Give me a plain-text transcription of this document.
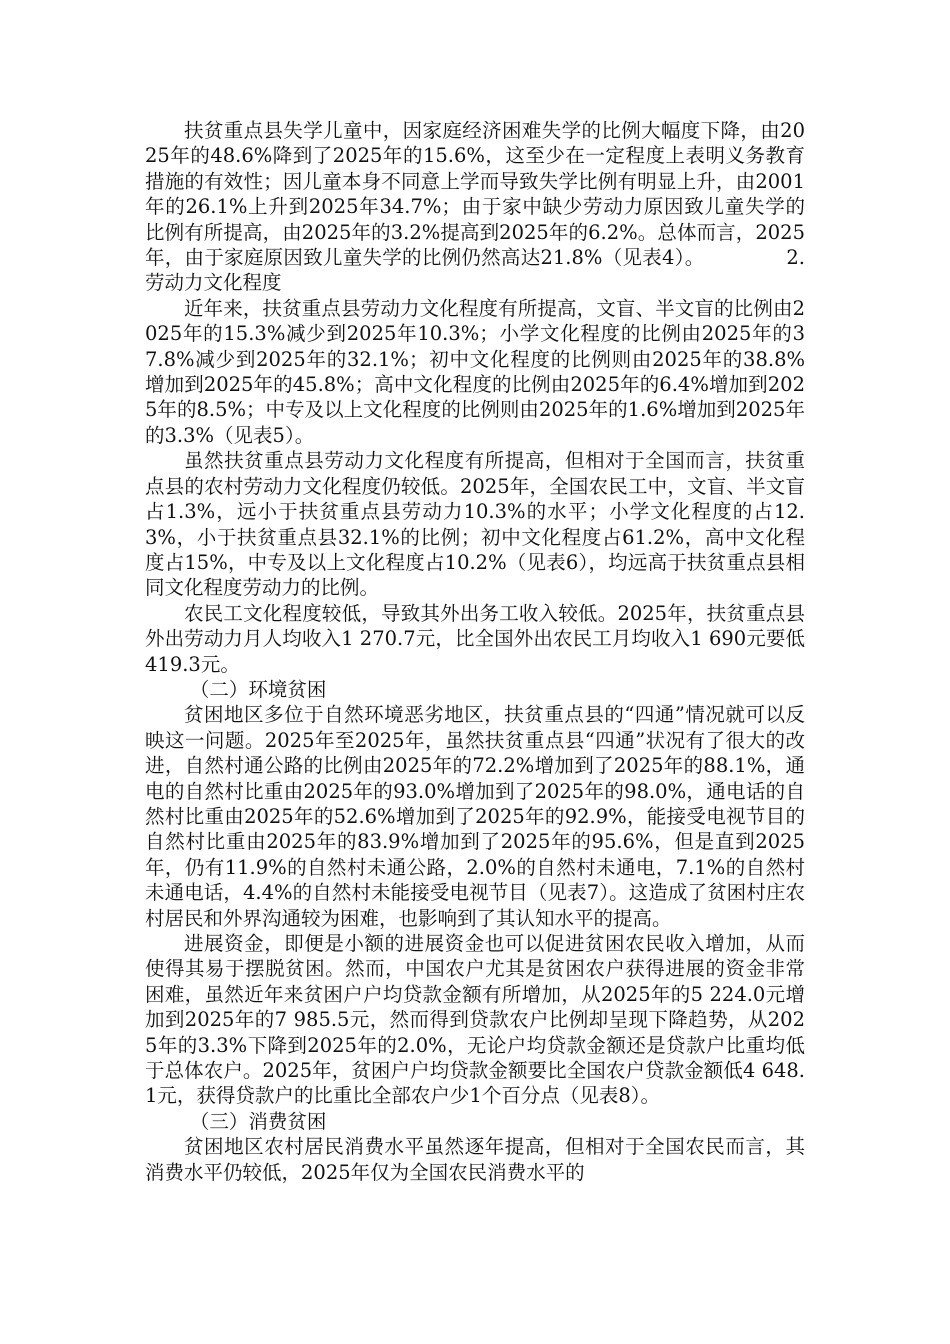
扶贫重点县失学儿童中，因家庭经济困难失学的比例大幅度下降，由2025年的48.6%降到了2025年的15.6%，这至少在一定程度上表明义务教育措施的有效性；因儿童本身不同意上学而导致失学比例有明显上升，由2001年的26.1%上升到2025年34.7%；由于家中缺少劳动力原因致儿童失学的比例有所提高，由2025年的3.2%提高到2025年的6.2%。总体而言，2025年，由于家庭原因致儿童失学的比例仍然高达21.8%（见表4）。	2.劳动力文化程度

近年来，扶贫重点县劳动力文化程度有所提高，文盲、半文盲的比例由2025年的15.3%减少到2025年10.3%；小学文化程度的比例由2025年的37.8%减少到2025年的32.1%；初中文化程度的比例则由2025年的38.8%增加到2025年的45.8%；高中文化程度的比例由2025年的6.4%增加到2025年的8.5%；中专及以上文化程度的比例则由2025年的1.6%增加到2025年的3.3%（见表5）。

虽然扶贫重点县劳动力文化程度有所提高，但相对于全国而言，扶贫重点县的农村劳动力文化程度仍较低。2025年，全国农民工中，文盲、半文盲占1.3%，远小于扶贫重点县劳动力10.3%的水平；小学文化程度的占12.3%，小于扶贫重点县32.1%的比例；初中文化程度占61.2%，高中文化程度占15%，中专及以上文化程度占10.2%（见表6），均远高于扶贫重点县相同文化程度劳动力的比例。

农民工文化程度较低，导致其外出务工收入较低。2025年，扶贫重点县外出劳动力月人均收入1 270.7元，比全国外出农民工月均收入1 690元要低419.3元。

（二）环境贫困

贫困地区多位于自然环境恶劣地区，扶贫重点县的“四通”情况就可以反映这一问题。2025年至2025年，虽然扶贫重点县“四通”状况有了很大的改进，自然村通公路的比例由2025年的72.2%增加到了2025年的88.1%，通电的自然村比重由2025年的93.0%增加到了2025年的98.0%，通电话的自然村比重由2025年的52.6%增加到了2025年的92.9%，能接受电视节目的自然村比重由2025年的83.9%增加到了2025年的95.6%，但是直到2025年，仍有11.9%的自然村未通公路，2.0%的自然村未通电，7.1%的自然村未通电话，4.4%的自然村未能接受电视节目（见表7）。这造成了贫困村庄农村居民和外界沟通较为困难，也影响到了其认知水平的提高。

进展资金，即便是小额的进展资金也可以促进贫困农民收入增加，从而使得其易于摆脱贫困。然而，中国农户尤其是贫困农户获得进展的资金非常困难，虽然近年来贫困户户均贷款金额有所增加，从2025年的5 224.0元增加到2025年的7 985.5元，然而得到贷款农户比例却呈现下降趋势，从2025年的3.3%下降到2025年的2.0%，无论户均贷款金额还是贷款户比重均低于总体农户。2025年，贫困户户均贷款金额要比全国农户贷款金额低4 648.1元，获得贷款户的比重比全部农户少1个百分点（见表8）。

（三）消费贫困

贫困地区农村居民消费水平虽然逐年提高，但相对于全国农民而言，其消费水平仍较低，2025年仅为全国农民消费水平的
